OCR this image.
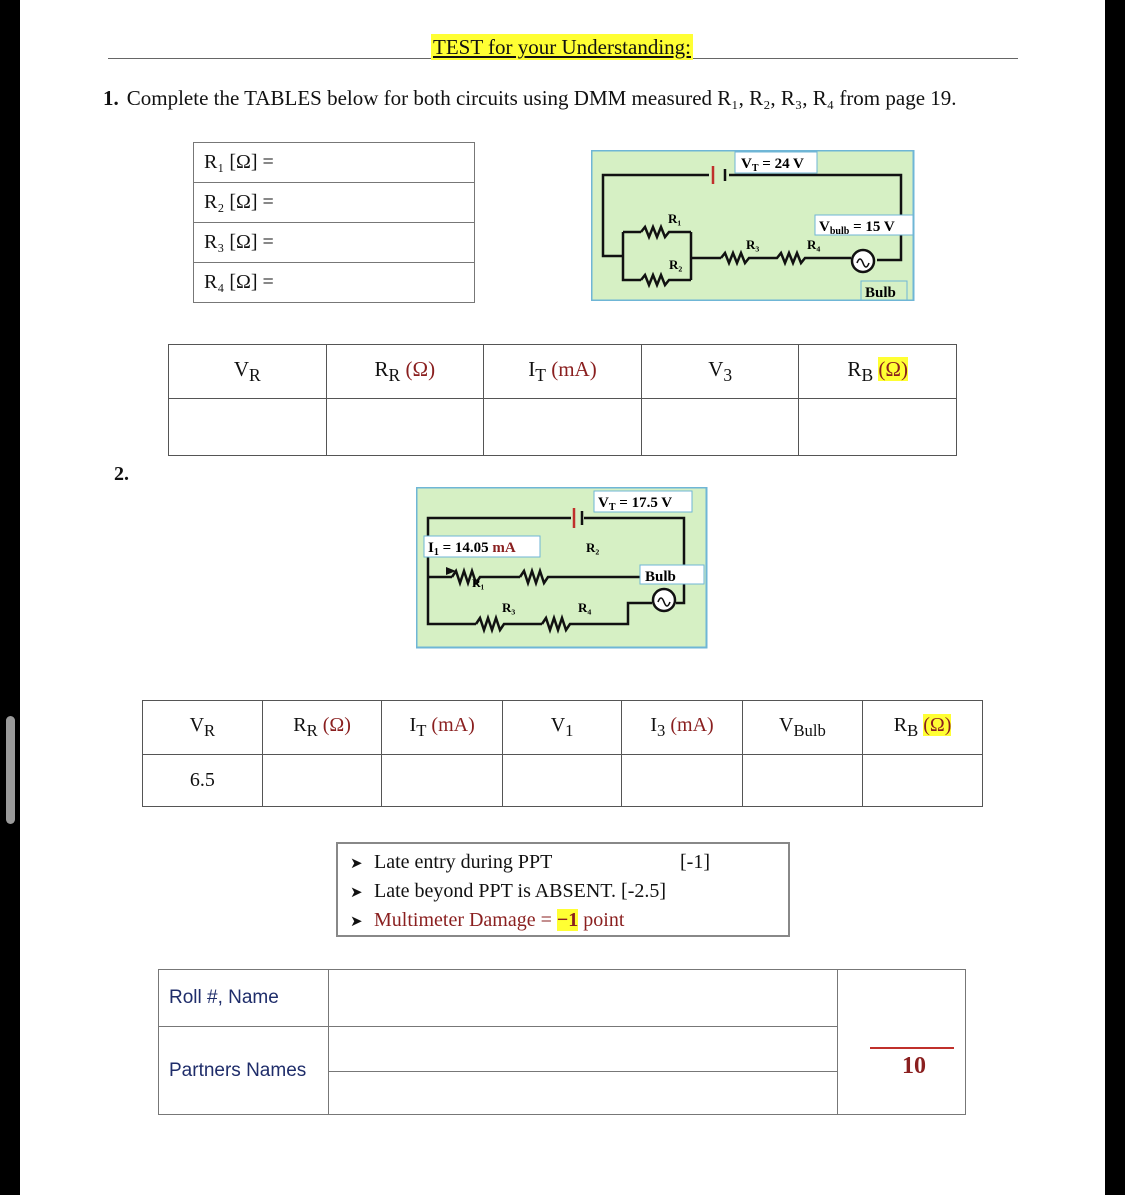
TEST for your Understanding:
1. Complete the TABLES below for both circuits using DMM measured R₁, R₂, R₃, R₄ from page 19.
R₁ [Ω] =
R₂ [Ω] =
R₃ [Ω] =
R₄ [Ω] =
$V_T = 24$ V
R₁
R₂
R₃	R₄
$V_{bulb} = 15$ V
Bulb
$V_R$	$R_R$ (Ω)	$I_T$ (mA)	$V_3$	$R_B$ (Ω)

2.
$V_T = 17.5$ V
$I_1 = 14.05$ mA	R₂
R₁
R₃	R₄
Bulb
$V_R$	$R_R$ (Ω)	$I_T$ (mA)	$V_1$	$I_3$ (mA)	$V_{Bulb}$	$R_B$ (Ω)
6.5						
➤ Late entry during PPT	[-1]
➤ Late beyond PPT is ABSENT. [-2.5]
➤ Multimeter Damage = −1 point
Roll #, Name
Partners Names	10
